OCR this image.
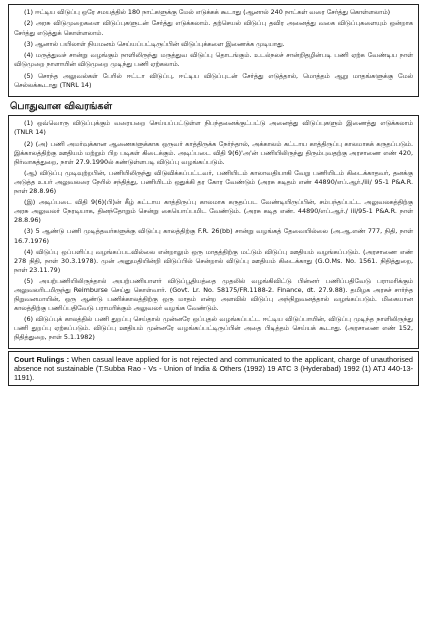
(1) ஈட்டிய விடுப்பு ஒரே சமயத்தில் 180 நாட்களுக்கு மேல் எடுக்கக் கூடாது (ஆனால் 240 நாட்கள் வரை சேர்த்து கொள்ளலாம்)

(2) அரசு விடுமுறைகளை விடுப்புகளுடன் சேர்த்து எடுக்கலாம். தற்செயல் விடுப்பு தவிர அனைத்து வகை விடுப்புகளையும் ஒன்றாக சேர்த்து எடுத்துக் கொள்ளலாம்.

(3) ஆனால் பயிலாள் நியமனம் செய்யப்பட்டிருப்பின் விடுப்புக்களை இணைக்க முடியாது.

(4) மருத்துவச் சான்று வழங்கும் நாளிலிருந்து மருத்துவ விடுப்பு தொடங்கும். உடல்நலச் சான்றிதழின்படி பணி ஏற்க வேண்டிய நாள் விடுமுறை நாளாயின் விடுமுறை முடிந்து பணி ஏற்கலாம்.

(5) சொந்த அலுவல்கள் பேரில் ஈட்டா விடுப்பு, ஈட்டிய விடுப்புடன் சேர்த்து எடுத்தால், மொத்தம் ஆறு மாதங்களுக்கு மேல் செல்லக்கூடாது (TNRL 14)

பொதுவான விவரங்கள்

(1) ஒவ்வொரு விடுப்புக்கும் வரையறை செய்யப்பட்டுள்ள நிபந்தனைக்குட்பட்டு அனைத்து விடுப்புகளும் இணைத்து எடுக்கலாம் (TNLR 14)

(2) (அ) பணி அமர்வுக்கான ஆணைகளுக்காக ஒருவர் காத்திருக்க நேர்ந்தால், அக்காலம் கட்டாய காத்திருப்பு காலமாகக் கருதப்படும். இக்காலத்திற்கு ஊதியம் மற்றும் பிற படிகள் கிடைக்கும். அடிப்படை விதி 9(6)'அ'ன் பணியிலிருந்து திரும்புவதற்கு அரசாணை எண் 420, நிர்வாகத்துறை, நாள் 27.9.1990ல் கண்டுள்ளபடி விடுப்பு வழங்கப்படும்.

(ஆ) விடுப்பு முடிவுற்றபின், பணியிலிருந்து விடுவிக்கப்பட்டவர், பணியிடம் காலாவதியாகி வேறு பணியிடம் கிடைக்காதவர், தனக்கு அடுத்த உயர் அலுவலரை நேரில் சந்தித்து, பணியிடம் ஒதுக்கி தர கோர வேண்டும் (அரசு கடிதம் எண் 44890/எப்.ஆர்./iii/ 95-1 P&A.R. நாள் 28.8.96)

(இ) அடிப்படை விதி 9(6)(பி)ன் கீழ் கட்டாய காத்திருப்பு காலமாக கருதப்பட வேண்டியிருப்பின், சம்பந்தப்பட்ட அலுவலகத்திற்கு அரசு அலுவலர் நேரடியாக, தினந்தோறும் சென்று கையொப்பமிட வேண்டும். (அரசு கடித எண். 44890/எப்.ஆர்./ iii/95-1 P&A.R. நாள் 28.8.96)

(3) 5 ஆண்டு பணி முடித்தவர்களுக்கு விடுப்பு காலத்திற்கு F.R. 26(bb) சான்று வழங்கத் தேவையில்லை (அ.ஆ.எண் 777, நிதி, நாள் 16.7.1976)

(4) விடுப்பு ஒப்பளிப்பு வழங்கப்படவில்லை என்றாலும் ஒரு மாதத்திற்கு மட்டும் விடுப்பு ஊதியம் வழங்கப்படும். (அரசாணை எண் 278 நிதி, நாள் 30.3.1978). முன் அனுமதியின்றி விடுப்பில் சென்றால் விடுப்பு ஊதியம் கிடைக்காது (G.O.Ms. No. 1561. நிதித்துறை, நாள் 23.11.79)

(5) அயற்பணியிலிருந்தால் அயற்பணியாளர் விடுப்பூதியத்தை முதலில் வழங்கிவிட்டு பின்னர் பணிப்பதிவேடு பராமரிக்கும் அலுவலரிடமிருந்து Reimburse செய்து கொள்வார். (Govt. Lr. No. 58175/FR.1188-2. Finance, dt. 27.9.88). தமிழக அரசுச் சார்ந்த நிறுவனமாயின், ஒரு ஆண்டு பணிக்காலத்திற்கு ஒரு மாதம் என்ற அளவில் விடுப்பு அந்நிறுவனத்தால் வழங்கப்படும். மிகையான காலத்திற்கு பணிப்பதிவேடு பராமரிக்கும் அலுவலர் வழங்க வேண்டும்.

(6) விடுப்புக் காலத்தில் பணி துறப்பு செய்தால் முன்னரே ஒப்புதல் வழங்கப்பட்ட ஈட்டிய விடுப்பாயின், விடுப்பு முடிந்த நாளிலிருந்து பணி துறப்பு ஏற்கப்படும். விடுப்பு ஊதியம் முன்னரே வழங்கப்பட்டிருப்பின் அதை பிடித்தம் செய்யக் கூடாது. (அரசாணை எண் 152, நிதித்துறை, நாள் 5.1.1982)

Court Rulings : When casual leave applied for is not rejected and communicated to the applicant, charge of unauthorised absence not sustainable (T.Subba Rao - Vs - Union of India & Others (1992) 19 ATC 3 (Hyderabad) 1992 (1) ATJ 440-13-1191).
